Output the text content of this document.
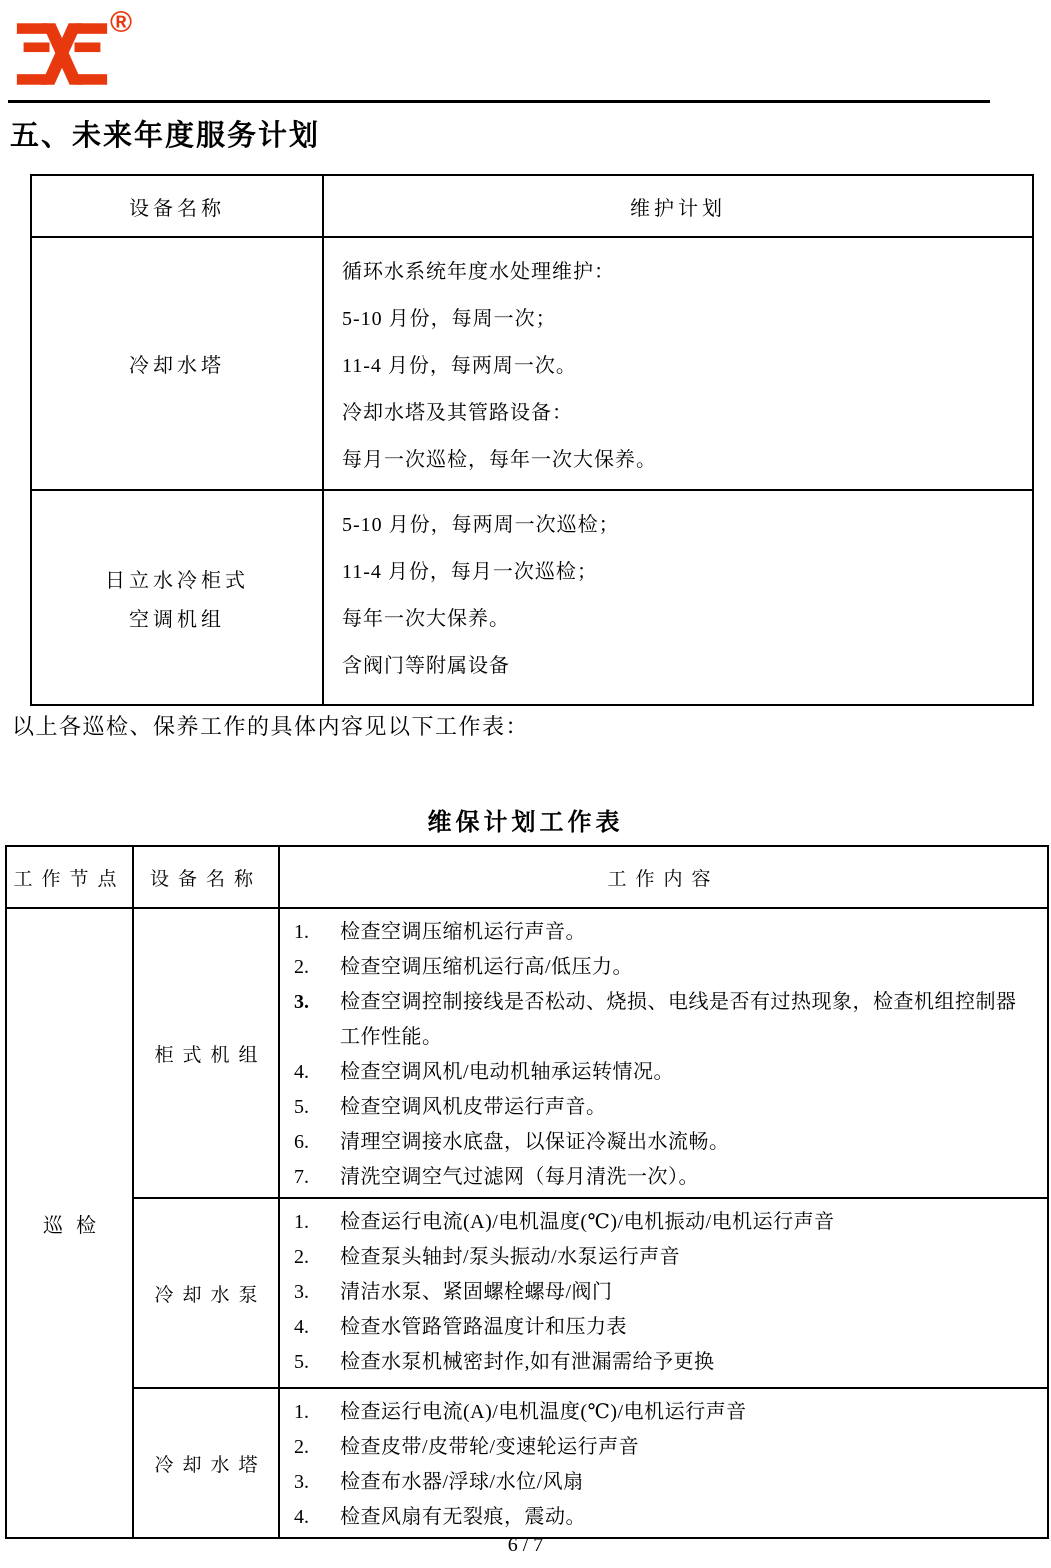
®
五、未来年度服务计划
设备名称	维护计划

冷却水塔	循环水系统年度水处理维护：
5-10 月份，每周一次；
11-4 月份，每两周一次。
冷却水塔及其管路设备：
每月一次巡检，每年一次大保养。

日立水冷柜式
空调机组

5-10 月份，每两周一次巡检；
11-4 月份，每月一次巡检；
每年一次大保养。
含阀门等附属设备

以上各巡检、保养工作的具体内容见以下工作表：

维保计划工作表
工作节点	设备名称	工作内容
巡检	柜式机组	
1.	检查空调压缩机运行声音。
2.	检查空调压缩机运行高/低压力。
3.	检查空调控制接线是否松动、烧损、电线是否有过热现象，检查机组控制器工作性能。
4.	检查空调风机/电动机轴承运转情况。
5.	检查空调风机皮带运行声音。
6.	清理空调接水底盘，以保证冷凝出水流畅。
7.	清洗空调空气过滤网（每月清洗一次）。

冷却水泵	
1.	检查运行电流(A)/电机温度(℃)/电机振动/电机运行声音
2.	检查泵头轴封/泵头振动/水泵运行声音
3.	清洁水泵、紧固螺栓螺母/阀门
4.	检查水管路管路温度计和压力表
5.	检查水泵机械密封作,如有泄漏需给予更换

冷却水塔	
1.	检查运行电流(A)/电机温度(℃)/电机运行声音
2.	检查皮带/皮带轮/变速轮运行声音
3.	检查布水器/浮球/水位/风扇
4.	检查风扇有无裂痕，震动。
6 / 7
